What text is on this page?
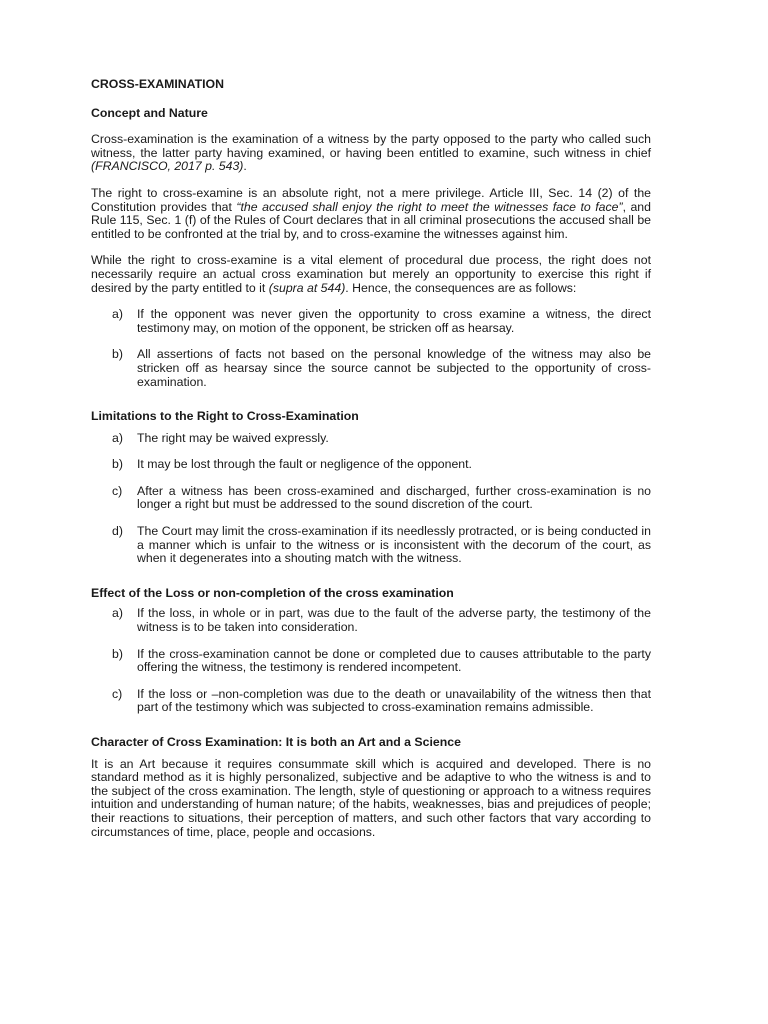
CROSS-EXAMINATION
Concept and Nature

Cross-examination is the examination of a witness by the party opposed to the party who called such witness, the latter party having examined, or having been entitled to examine, such witness in chief (FRANCISCO, 2017 p. 543).

The right to cross-examine is an absolute right, not a mere privilege. Article III, Sec. 14 (2) of the Constitution provides that “the accused shall enjoy the right to meet the witnesses face to face”, and Rule 115, Sec. 1 (f) of the Rules of Court declares that in all criminal prosecutions the accused shall be entitled to be confronted at the trial by, and to cross-examine the witnesses against him.

While the right to cross-examine is a vital element of procedural due process, the right does not necessarily require an actual cross examination but merely an opportunity to exercise this right if desired by the party entitled to it (supra at 544). Hence, the consequences are as follows:

a)	If the opponent was never given the opportunity to cross examine a witness, the direct testimony may, on motion of the opponent, be stricken off as hearsay.
b)	All assertions of facts not based on the personal knowledge of the witness may also be stricken off as hearsay since the source cannot be subjected to the opportunity of cross-examination.
Limitations to the Right to Cross-Examination
a)	The right may be waived expressly.
b)	It may be lost through the fault or negligence of the opponent.
c)	After a witness has been cross-examined and discharged, further cross-examination is no longer a right but must be addressed to the sound discretion of the court.
d)	The Court may limit the cross-examination if its needlessly protracted, or is being conducted in a manner which is unfair to the witness or is inconsistent with the decorum of the court, as when it degenerates into a shouting match with the witness.
Effect of the Loss or non-completion of the cross examination
a)	If the loss, in whole or in part, was due to the fault of the adverse party, the testimony of the witness is to be taken into consideration.
b)	If the cross-examination cannot be done or completed due to causes attributable to the party offering the witness, the testimony is rendered incompetent.
c)	If the loss or –non-completion was due to the death or unavailability of the witness then that part of the testimony which was subjected to cross-examination remains admissible.
Character of Cross Examination: It is both an Art and a Science

It is an Art because it requires consummate skill which is acquired and developed. There is no standard method as it is highly personalized, subjective and be adaptive to who the witness is and to the subject of the cross examination. The length, style of questioning or approach to a witness requires intuition and understanding of human nature; of the habits, weaknesses, bias and prejudices of people; their reactions to situations, their perception of matters, and such other factors that vary according to circumstances of time, place, people and occasions.
